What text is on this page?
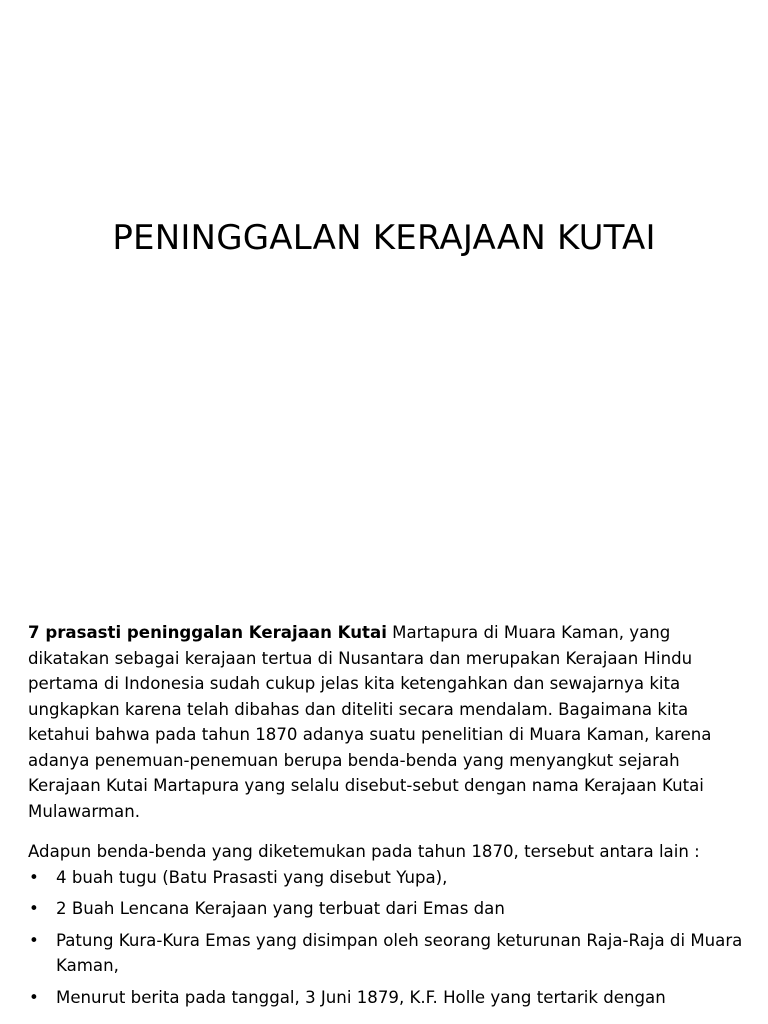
PENINGGALAN KERAJAAN KUTAI

7 prasasti peninggalan Kerajaan Kutai Martapura di Muara Kaman, yang dikatakan sebagai kerajaan tertua di Nusantara dan merupakan Kerajaan Hindu pertama di Indonesia sudah cukup jelas kita ketengahkan dan sewajarnya kita ungkapkan karena telah dibahas dan diteliti secara mendalam. Bagaimana kita ketahui bahwa pada tahun 1870 adanya suatu penelitian di Muara Kaman, karena adanya penemuan-penemuan berupa benda-benda yang menyangkut sejarah Kerajaan Kutai Martapura yang selalu disebut-sebut dengan nama Kerajaan Kutai Mulawarman.

Adapun benda-benda yang diketemukan pada tahun 1870, tersebut antara lain :

• 4 buah tugu (Batu Prasasti yang disebut Yupa),
• 2 Buah Lencana Kerajaan yang terbuat dari Emas dan
• Patung Kura-Kura Emas yang disimpan oleh seorang keturunan Raja-Raja di Muara Kaman,
• Menurut berita pada tanggal, 3 Juni 1879, K.F. Holle yang tertarik dengan
